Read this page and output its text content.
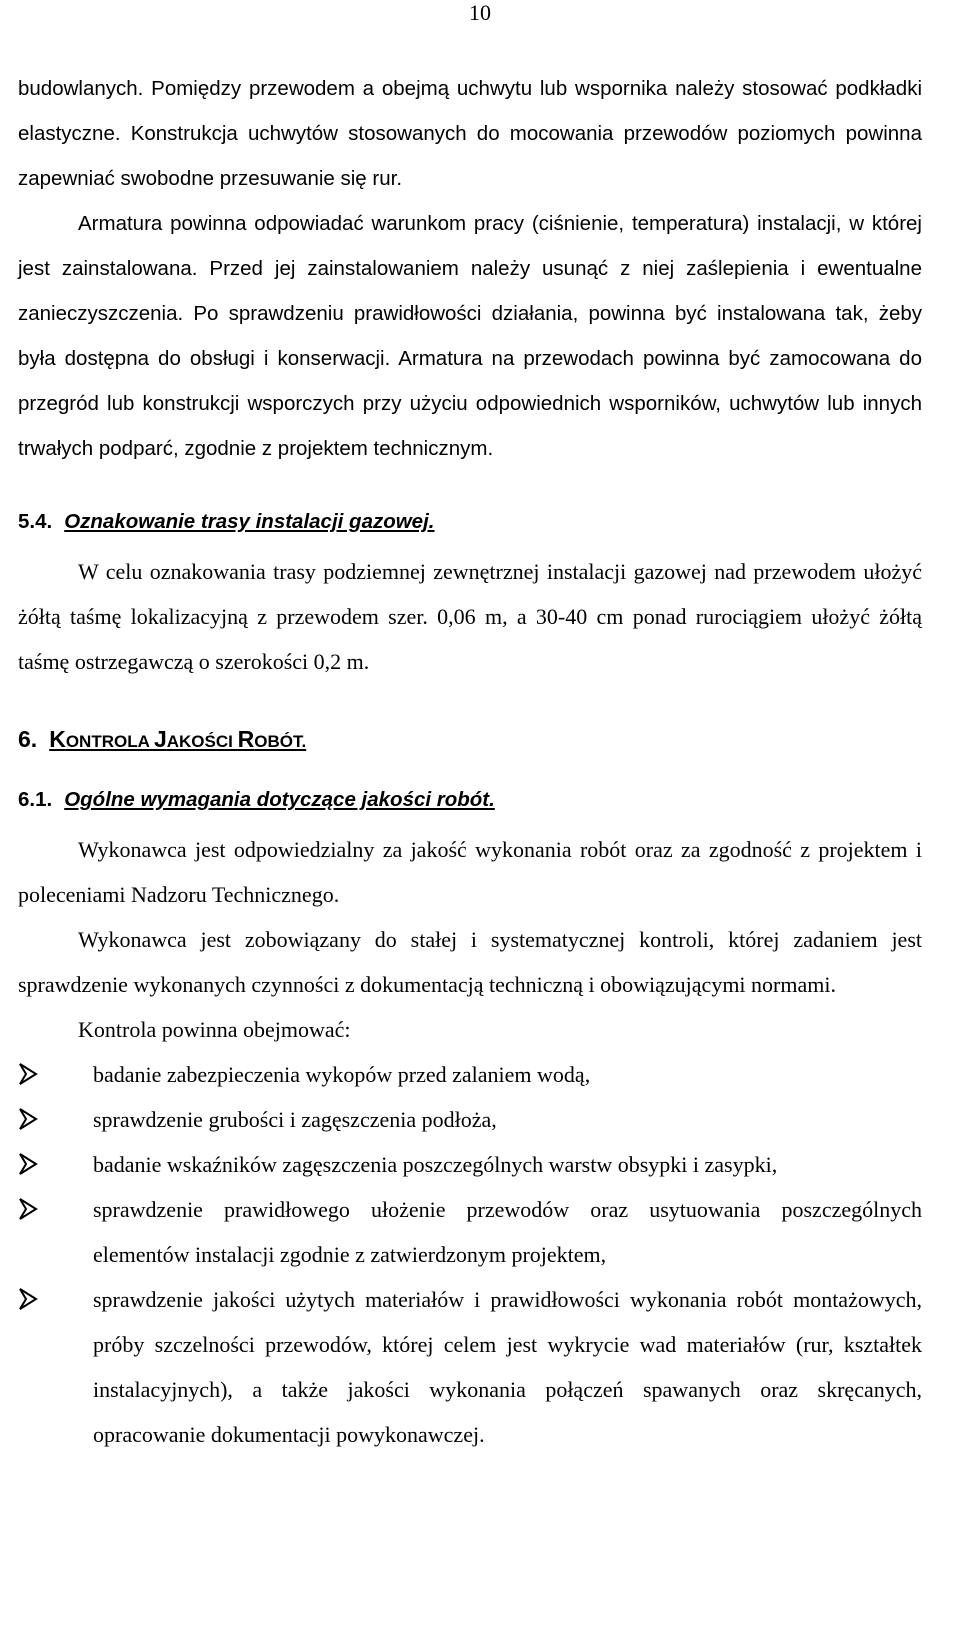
10

budowlanych. Pomiędzy przewodem a obejmą uchwytu lub wspornika należy stosować podkładki elastyczne. Konstrukcja uchwytów stosowanych do mocowania przewodów poziomych powinna zapewniać swobodne przesuwanie się rur.

Armatura powinna odpowiadać warunkom pracy (ciśnienie, temperatura) instalacji, w której jest zainstalowana. Przed jej zainstalowaniem należy usunąć z niej zaślepienia i ewentualne zanieczyszczenia. Po sprawdzeniu prawidłowości działania, powinna być instalowana tak, żeby była dostępna do obsługi i konserwacji. Armatura na przewodach powinna być zamocowana do przegród lub konstrukcji wsporczych przy użyciu odpowiednich wsporników, uchwytów lub innych trwałych podparć, zgodnie z projektem technicznym.

5.4. Oznakowanie trasy instalacji gazowej.

W celu oznakowania trasy podziemnej zewnętrznej instalacji gazowej nad przewodem ułożyć żółtą taśmę lokalizacyjną z przewodem szer. 0,06 m, a 30-40 cm ponad rurociągiem ułożyć żółtą taśmę ostrzegawczą o szerokości 0,2 m.

6. KONTROLA JAKOŚCI ROBÓT.
6.1. Ogólne wymagania dotyczące jakości robót.

Wykonawca jest odpowiedzialny za jakość wykonania robót oraz za zgodność z projektem i poleceniami Nadzoru Technicznego.

Wykonawca jest zobowiązany do stałej i systematycznej kontroli, której zadaniem jest sprawdzenie wykonanych czynności z dokumentacją techniczną i obowiązującymi normami.

Kontrola powinna obejmować:

badanie zabezpieczenia wykopów przed zalaniem wodą,
sprawdzenie grubości i zagęszczenia podłoża,
badanie wskaźników zagęszczenia poszczególnych warstw obsypki i zasypki,
sprawdzenie prawidłowego ułożenie przewodów oraz usytuowania poszczególnych elementów instalacji zgodnie z zatwierdzonym projektem,
sprawdzenie jakości użytych materiałów i prawidłowości wykonania robót montażowych, próby szczelności przewodów, której celem jest wykrycie wad materiałów (rur, kształtek instalacyjnych), a także jakości wykonania połączeń spawanych oraz skręcanych, opracowanie dokumentacji powykonawczej.
